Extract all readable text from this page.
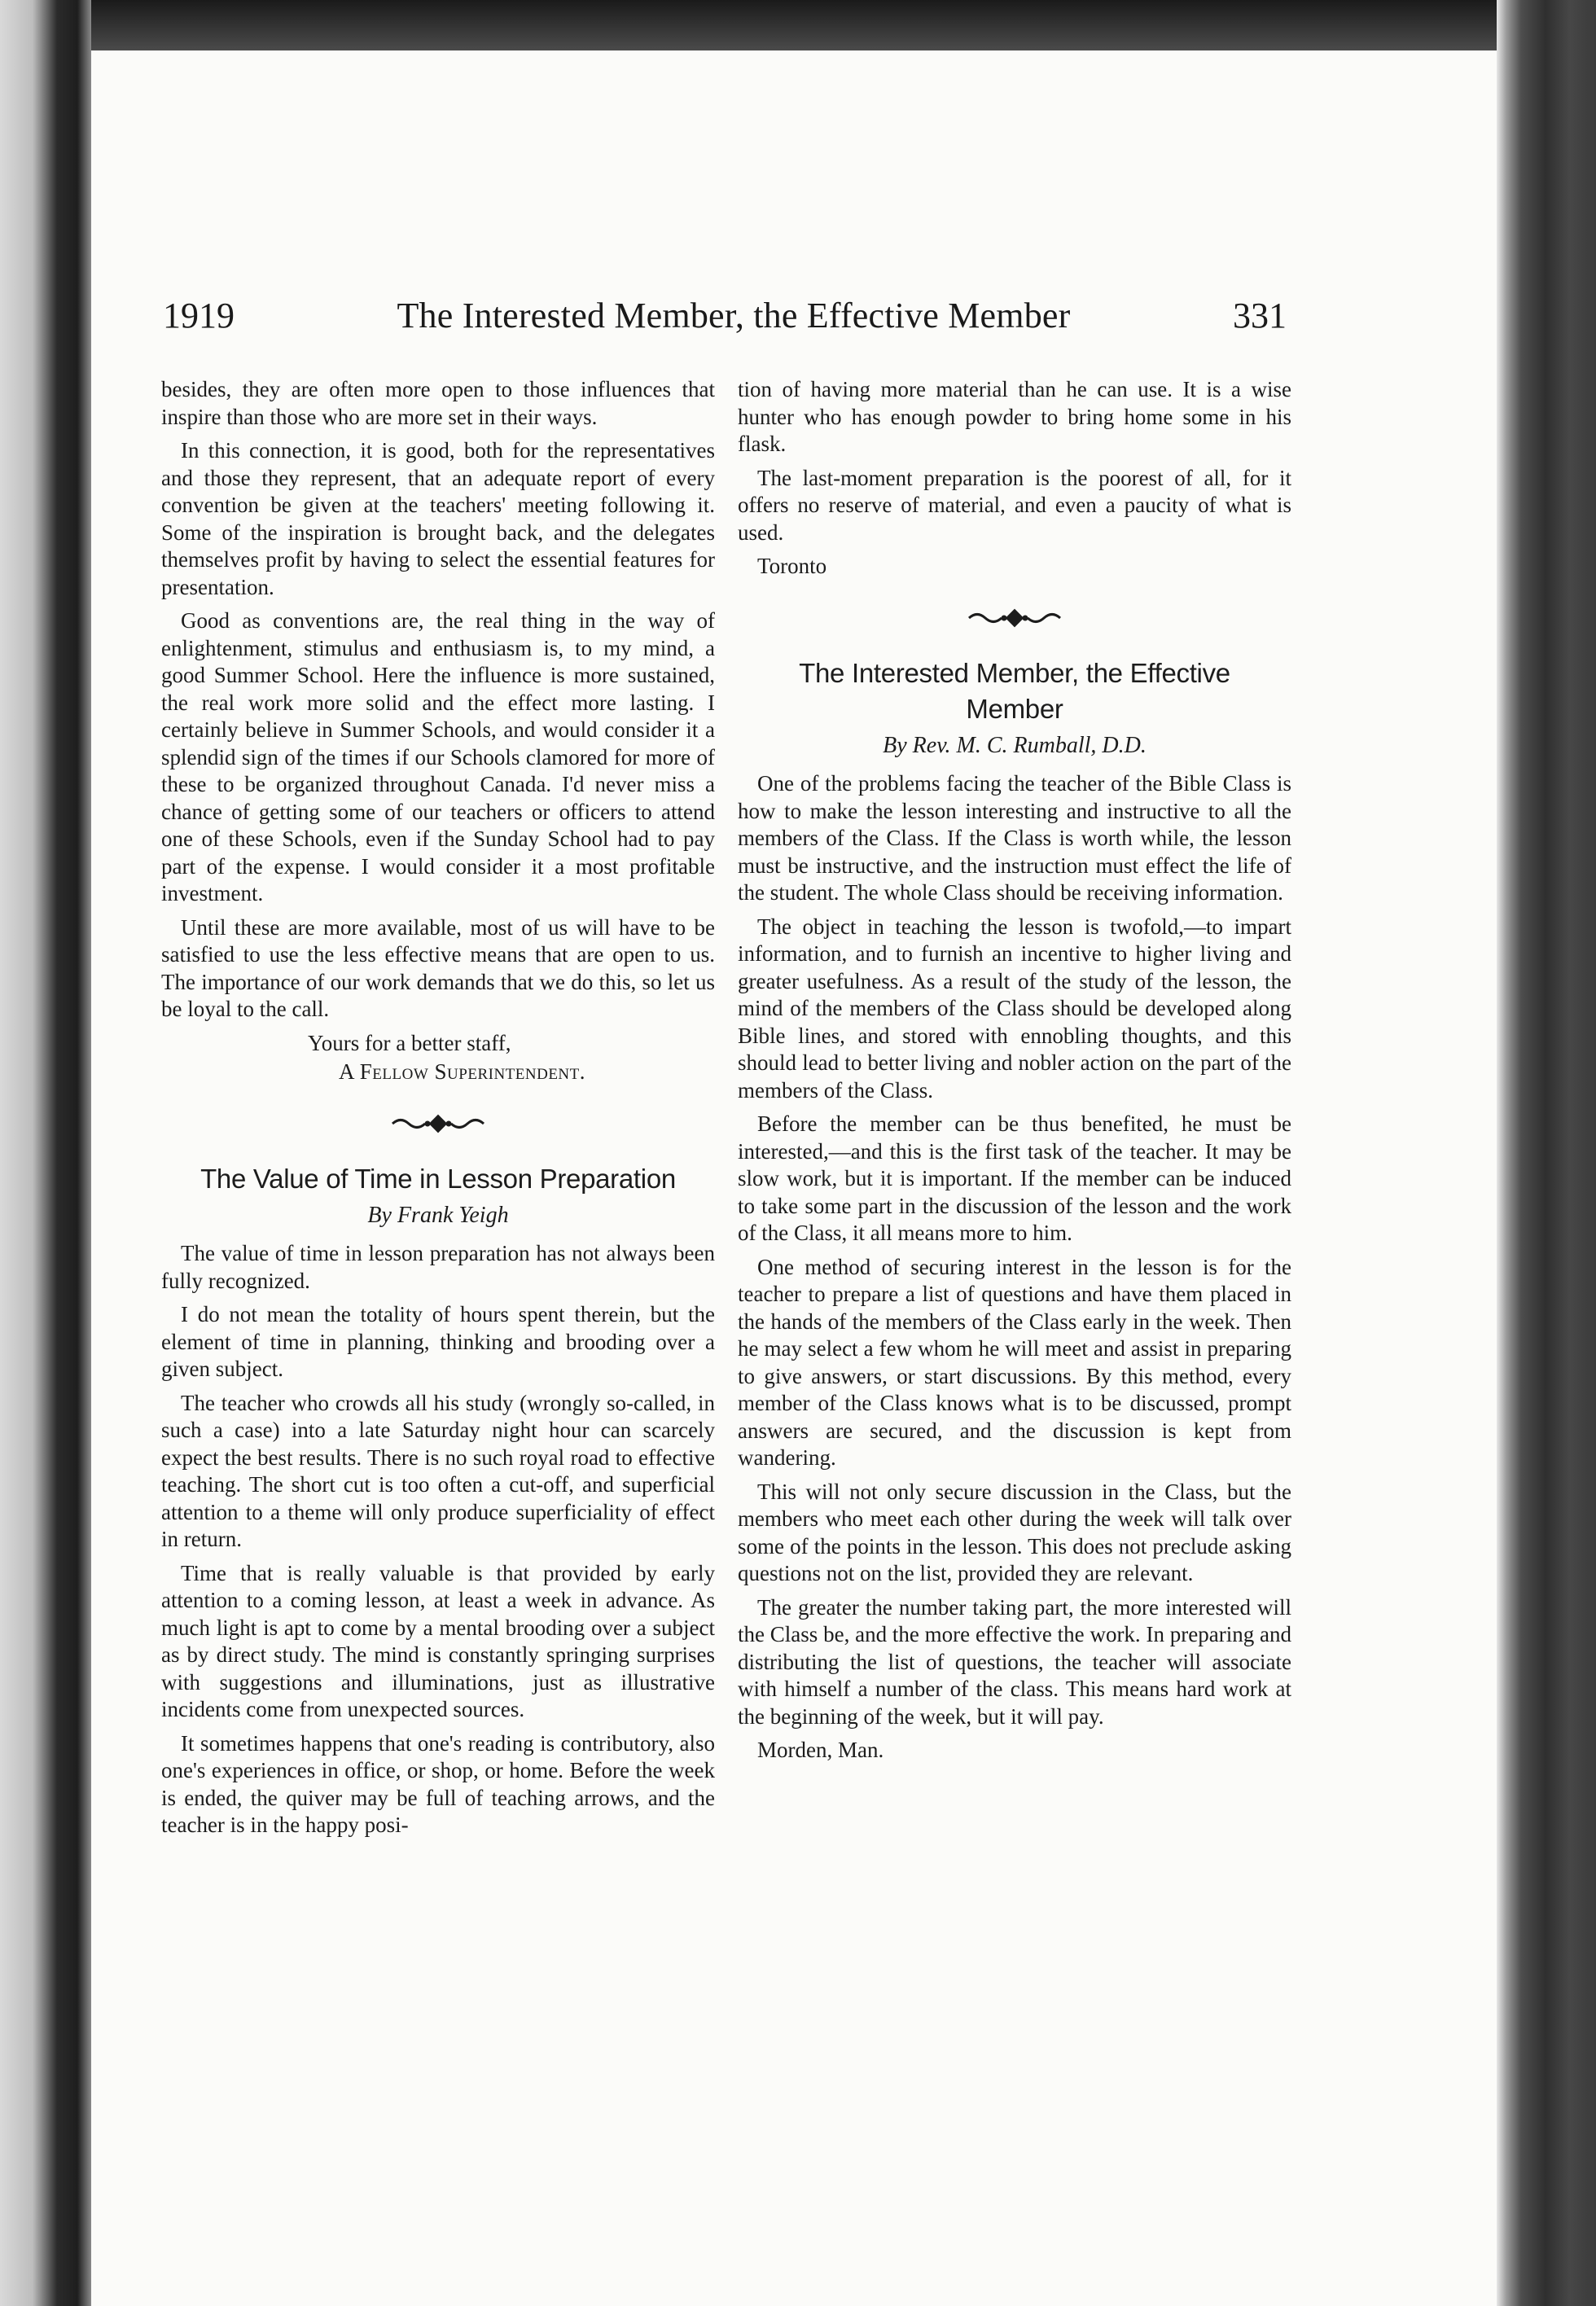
1919	The Interested Member, the Effective Member	331

besides, they are often more open to those influences that inspire than those who are more set in their ways.

In this connection, it is good, both for the representatives and those they represent, that an adequate report of every convention be given at the teachers' meeting following it. Some of the inspiration is brought back, and the delegates themselves profit by having to select the essential features for presentation.

Good as conventions are, the real thing in the way of enlightenment, stimulus and enthusiasm is, to my mind, a good Summer School. Here the influence is more sustained, the real work more solid and the effect more lasting. I certainly believe in Summer Schools, and would consider it a splendid sign of the times if our Schools clamored for more of these to be organized throughout Canada. I'd never miss a chance of getting some of our teachers or officers to attend one of these Schools, even if the Sunday School had to pay part of the expense. I would consider it a most profitable investment.

Until these are more available, most of us will have to be satisfied to use the less effective means that are open to us. The importance of our work demands that we do this, so let us be loyal to the call.

Yours for a better staff,
A Fellow Superintendent.
The Value of Time in Lesson Preparation
By Frank Yeigh

The value of time in lesson preparation has not always been fully recognized.

I do not mean the totality of hours spent therein, but the element of time in planning, thinking and brooding over a given subject.

The teacher who crowds all his study (wrongly so-called, in such a case) into a late Saturday night hour can scarcely expect the best results. There is no such royal road to effective teaching. The short cut is too often a cut-off, and superficial attention to a theme will only produce superficiality of effect in return.

Time that is really valuable is that provided by early attention to a coming lesson, at least a week in advance. As much light is apt to come by a mental brooding over a subject as by direct study. The mind is constantly springing surprises with suggestions and illuminations, just as illustrative incidents come from unexpected sources.

It sometimes happens that one's reading is contributory, also one's experiences in office, or shop, or home. Before the week is ended, the quiver may be full of teaching arrows, and the teacher is in the happy posi-

tion of having more material than he can use. It is a wise hunter who has enough powder to bring home some in his flask.

The last-moment preparation is the poorest of all, for it offers no reserve of material, and even a paucity of what is used.

Toronto
The Interested Member, the Effective
Member
By Rev. M. C. Rumball, D.D.

One of the problems facing the teacher of the Bible Class is how to make the lesson interesting and instructive to all the members of the Class. If the Class is worth while, the lesson must be instructive, and the instruction must effect the life of the student. The whole Class should be receiving information.

The object in teaching the lesson is twofold,—to impart information, and to furnish an incentive to higher living and greater usefulness. As a result of the study of the lesson, the mind of the members of the Class should be developed along Bible lines, and stored with ennobling thoughts, and this should lead to better living and nobler action on the part of the members of the Class.

Before the member can be thus benefited, he must be interested,—and this is the first task of the teacher. It may be slow work, but it is important. If the member can be induced to take some part in the discussion of the lesson and the work of the Class, it all means more to him.

One method of securing interest in the lesson is for the teacher to prepare a list of questions and have them placed in the hands of the members of the Class early in the week. Then he may select a few whom he will meet and assist in preparing to give answers, or start discussions. By this method, every member of the Class knows what is to be discussed, prompt answers are secured, and the discussion is kept from wandering.

This will not only secure discussion in the Class, but the members who meet each other during the week will talk over some of the points in the lesson. This does not preclude asking questions not on the list, provided they are relevant.

The greater the number taking part, the more interested will the Class be, and the more effective the work. In preparing and distributing the list of questions, the teacher will associate with himself a number of the class. This means hard work at the beginning of the week, but it will pay.

Morden, Man.
